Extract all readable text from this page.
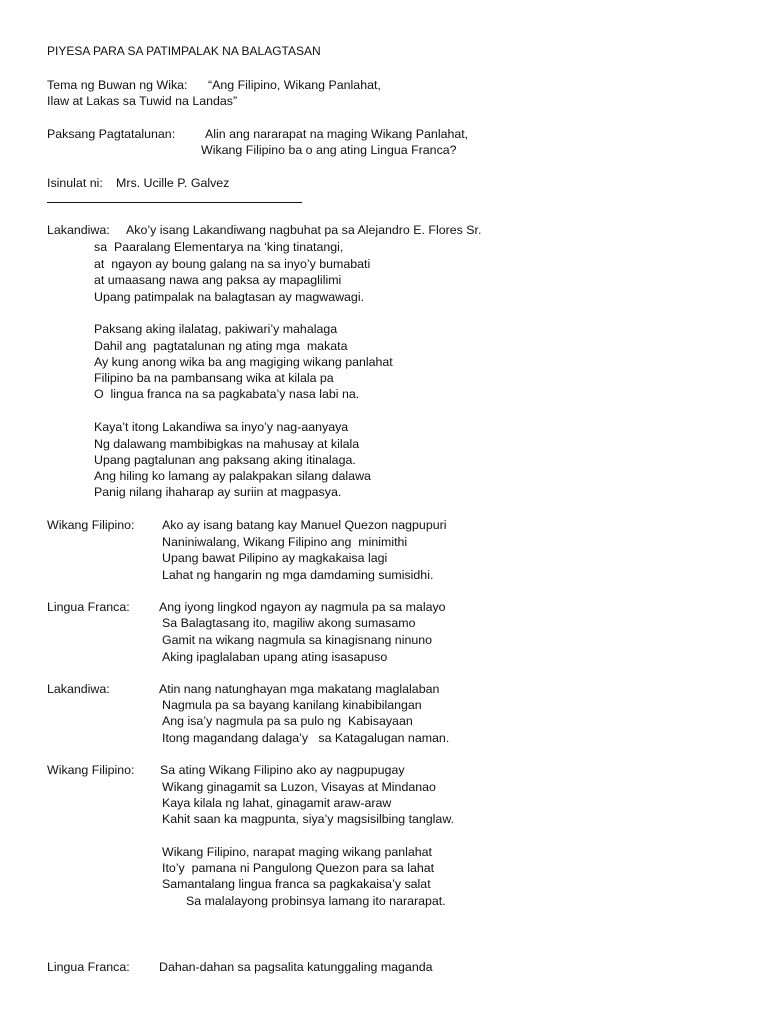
PIYESA PARA SA PATIMPALAK NA BALAGTASAN
Tema ng Buwan ng Wika: “Ang Filipino, Wikang Panlahat,
Ilaw at Lakas sa Tuwid na Landas”
Paksang Pagtatalunan: Alin ang nararapat na maging Wikang Panlahat,
Wikang Filipino ba o ang ating Lingua Franca?
Isinulat ni: Mrs. Ucille P. Galvez
Lakandiwa: Ako’y isang Lakandiwang nagbuhat pa sa Alejandro E. Flores Sr.
sa  Paaralang Elementarya na ‘king tinatangi,
at  ngayon ay boung galang na sa inyo’y bumabati
at umaasang nawa ang paksa ay mapaglilimi
Upang patimpalak na balagtasan ay magwawagi.
Paksang aking ilalatag, pakiwari’y mahalaga
Dahil ang  pagtatalunan ng ating mga  makata
Ay kung anong wika ba ang magiging wikang panlahat
Filipino ba na pambansang wika at kilala pa
O  lingua franca na sa pagkabata’y nasa labi na.
Kaya’t itong Lakandiwa sa inyo’y nag-aanyaya
Ng dalawang mambibigkas na mahusay at kilala
Upang pagtalunan ang paksang aking itinalaga.
Ang hiling ko lamang ay palakpakan silang dalawa
Panig nilang ihaharap ay suriin at magpasya.
Wikang Filipino: Ako ay isang batang kay Manuel Quezon nagpupuri
Naniniwalang, Wikang Filipino ang  minimithi
Upang bawat Pilipino ay magkakaisa lagi
Lahat ng hangarin ng mga damdaming sumisidhi.
Lingua Franca: Ang iyong lingkod ngayon ay nagmula pa sa malayo
Sa Balagtasang ito, magiliw akong sumasamo
Gamit na wikang nagmula sa kinagisnang ninuno
Aking ipaglalaban upang ating isasapuso
Lakandiwa:	Atin nang natunghayan mga makatang maglalaban
Nagmula pa sa bayang kanilang kinabibilangan
Ang isa’y nagmula pa sa pulo ng  Kabisayaan
Itong magandang dalaga’y   sa Katagalugan naman.
Wikang Filipino: Sa ating Wikang Filipino ako ay nagpupugay
Wikang ginagamit sa Luzon, Visayas at Mindanao
Kaya kilala ng lahat, ginagamit araw-araw
Kahit saan ka magpunta, siya’y magsisilbing tanglaw.
Wikang Filipino, narapat maging wikang panlahat
Ito’y  pamana ni Pangulong Quezon para sa lahat
Samantalang lingua franca sa pagkakaisa’y salat
Sa malalayong probinsya lamang ito nararapat.
Lingua Franca: Dahan-dahan sa pagsalita katunggaling maganda
